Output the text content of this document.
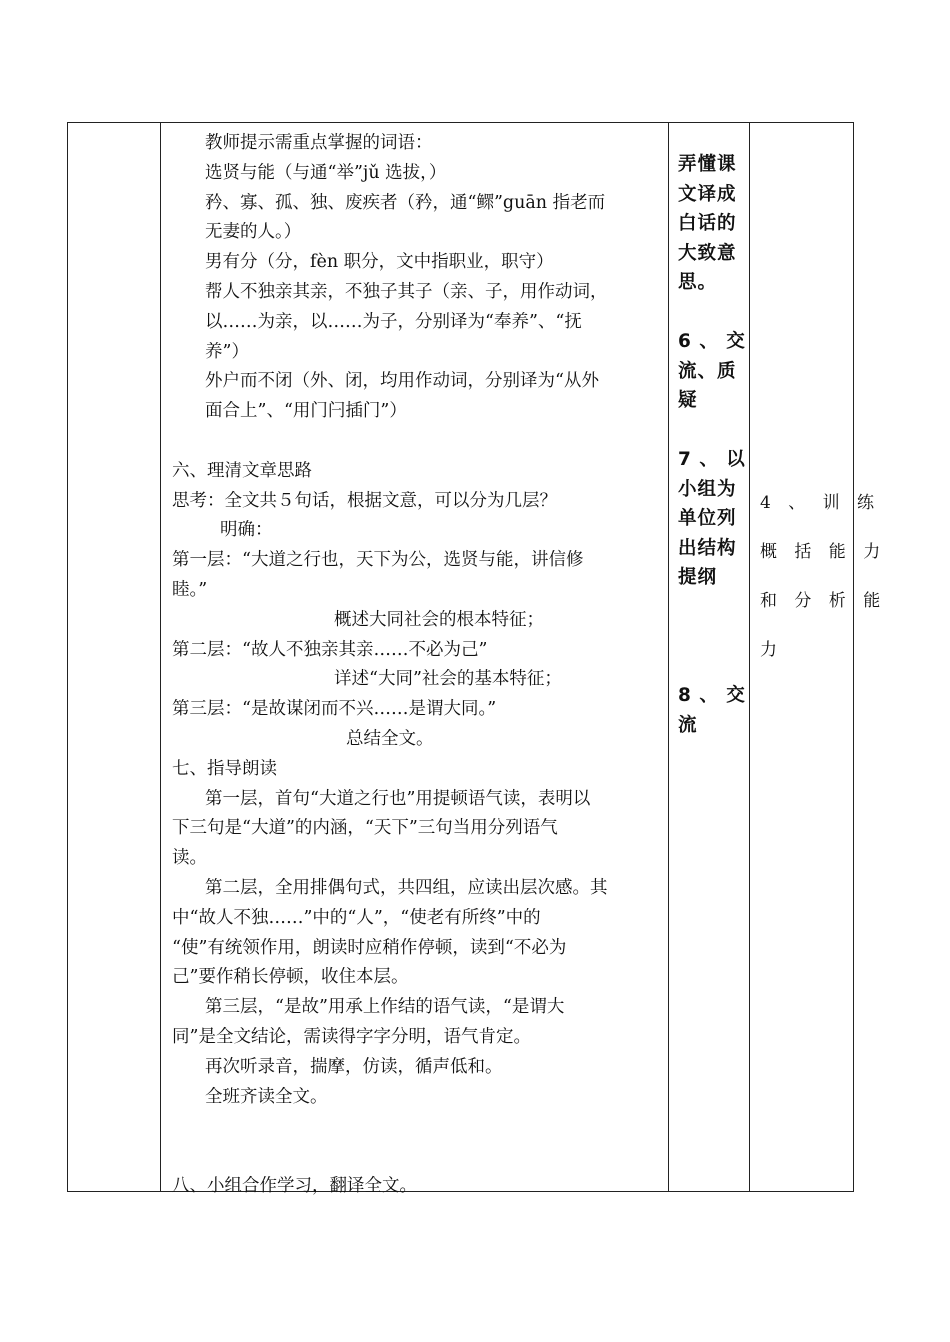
教师提示需重点掌握的词语：
选贤与能（与通“举”jǔ 选拔，）
矜、寡、孤、独、废疾者（矜，通“鳏”guān 指老而
无妻的人。）
男有分（分，fèn 职分，文中指职业，职守）
帮人不独亲其亲，不独子其子（亲、子，用作动词，
以……为亲，以……为子，分别译为“奉养”、“抚
养”）
外户而不闭（外、闭，均用作动词，分别译为“从外
面合上”、“用门闩插门”）
六、理清文章思路
思考：全文共５句话，根据文意，可以分为几层？
明确：
第一层：“大道之行也，天下为公，选贤与能，讲信修
睦。”
概述大同社会的根本特征；
第二层：“故人不独亲其亲……不必为己”
详述“大同”社会的基本特征；
第三层：“是故谋闭而不兴……是谓大同。”
总结全文。
七、指导朗读
第一层，首句“大道之行也”用提顿语气读，表明以
下三句是“大道”的内涵，“天下”三句当用分列语气
读。
第二层，全用排偶句式，共四组，应读出层次感。其
中“故人不独……”中的“人”，“使老有所终”中的
“使”有统领作用，朗读时应稍作停顿，读到“不必为
己”要作稍长停顿，收住本层。
第三层，“是故”用承上作结的语气读，“是谓大
同”是全文结论，需读得字字分明，语气肯定。
再次听录音，揣摩，仿读，循声低和。
全班齐读全文。
八、小组合作学习，翻译全文。
弄懂课
文译成
白话的
大致意
思。
6 、 交
流、质
疑
7 、 以
小组为
单位列
出结构
提纲
8 、 交
流
4 、 训 练
概 括 能 力
和 分 析 能
力
